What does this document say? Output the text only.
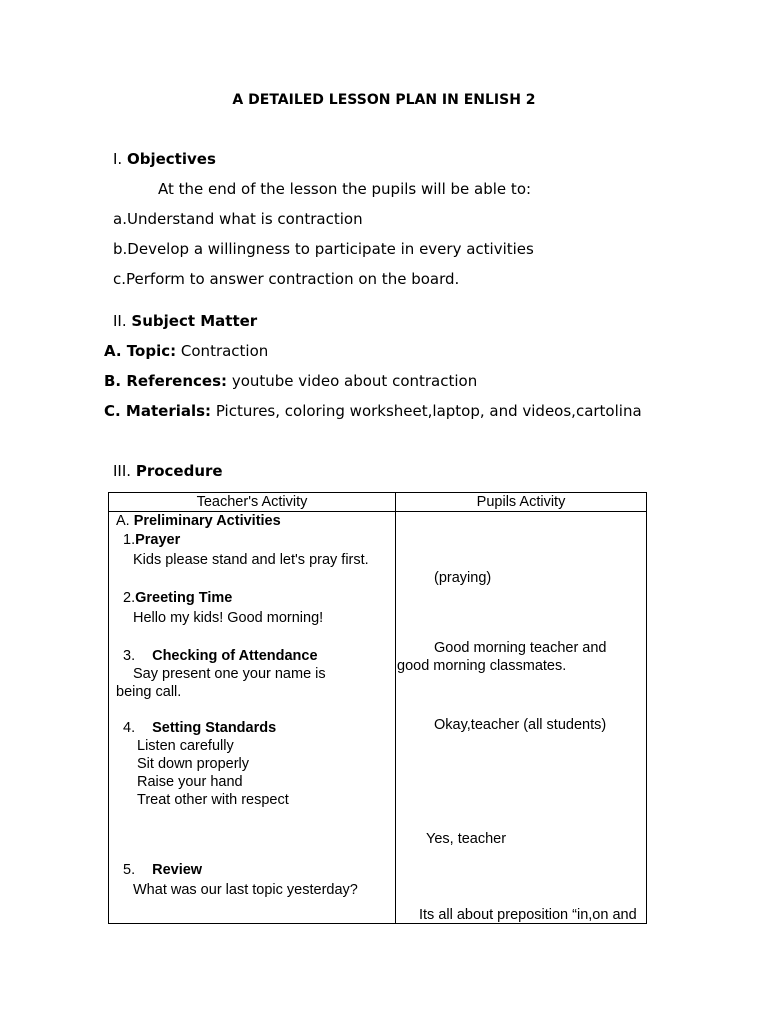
A DETAILED LESSON PLAN IN ENLISH 2
I. Objectives
At the end of the lesson the pupils will be able to:
a.Understand what is contraction
b.Develop a willingness to participate in every activities
c.Perform to answer contraction on the board.
II. Subject Matter
A. Topic: Contraction
B. References: youtube video about contraction
C. Materials: Pictures, coloring worksheet,laptop, and videos,cartolina
III. Procedure
Teacher's Activity	Pupils Activity
A. Preliminary Activities
1.Prayer
Kids please stand and let's pray first.
2.Greeting Time
Hello my kids! Good morning!
3. Checking of Attendance
Say present one your name is
being call.
4. Setting Standards
Listen carefully
Sit down properly
Raise your hand
Treat other with respect
5. Review
What was our last topic yesterday?
(praying)
Good morning teacher and
good morning classmates.
Okay,teacher (all students)
Yes, teacher
Its all about preposition “in,on and
